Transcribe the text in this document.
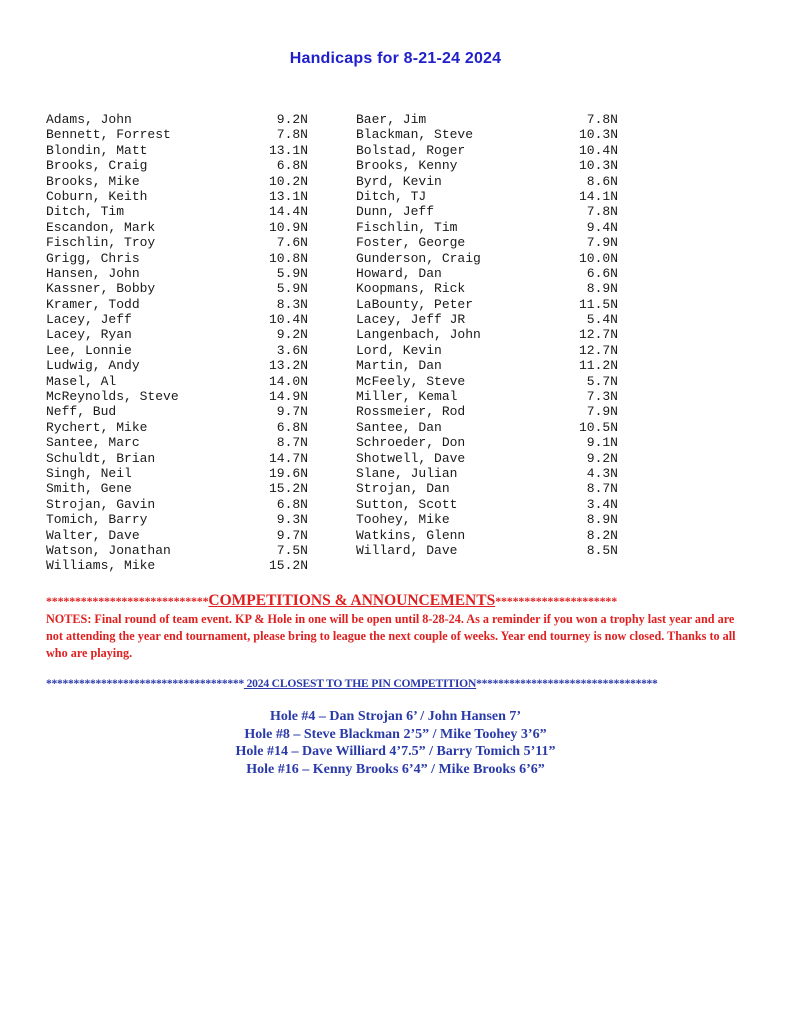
Handicaps for 8-21-24 2024
Adams, John	9.2N
Bennett, Forrest	7.8N
Blondin, Matt	13.1N
Brooks, Craig	6.8N
Brooks, Mike	10.2N
Coburn, Keith	13.1N
Ditch, Tim	14.4N
Escandon, Mark	10.9N
Fischlin, Troy	7.6N
Grigg, Chris	10.8N
Hansen, John	5.9N
Kassner, Bobby	5.9N
Kramer, Todd	8.3N
Lacey, Jeff	10.4N
Lacey, Ryan	9.2N
Lee, Lonnie	3.6N
Ludwig, Andy	13.2N
Masel, Al	14.0N
McReynolds, Steve	14.9N
Neff, Bud	9.7N
Rychert, Mike	6.8N
Santee, Marc	8.7N
Schuldt, Brian	14.7N
Singh, Neil	19.6N
Smith, Gene	15.2N
Strojan, Gavin	6.8N
Tomich, Barry	9.3N
Walter, Dave	9.7N
Watson, Jonathan	7.5N
Williams, Mike	15.2N
Baer, Jim	7.8N
Blackman, Steve	10.3N
Bolstad, Roger	10.4N
Brooks, Kenny	10.3N
Byrd, Kevin	8.6N
Ditch, TJ	14.1N
Dunn, Jeff	7.8N
Fischlin, Tim	9.4N
Foster, George	7.9N
Gunderson, Craig	10.0N
Howard, Dan	6.6N
Koopmans, Rick	8.9N
LaBounty, Peter	11.5N
Lacey, Jeff JR	5.4N
Langenbach, John	12.7N
Lord, Kevin	12.7N
Martin, Dan	11.2N
McFeely, Steve	5.7N
Miller, Kemal	7.3N
Rossmeier, Rod	7.9N
Santee, Dan	10.5N
Schroeder, Don	9.1N
Shotwell, Dave	9.2N
Slane, Julian	4.3N
Strojan, Dan	8.7N
Sutton, Scott	3.4N
Toohey, Mike	8.9N
Watkins, Glenn	8.2N
Willard, Dave	8.5N
****************************COMPETITIONS & ANNOUNCEMENTS*********************
NOTES: Final round of team event. KP & Hole in one will be open until 8-28-24. As a reminder if you won a trophy last year and are not attending the year end tournament, please bring to league the next couple of weeks. Year end tourney is now closed. Thanks to all who are playing.
************************************ 2024 CLOSEST TO THE PIN COMPETITION*********************************
Hole #4 – Dan Strojan 6’ / John Hansen 7’
Hole #8 – Steve Blackman 2’5” / Mike Toohey 3’6”
Hole #14 – Dave Williard 4’7.5” / Barry Tomich 5’11”
Hole #16 – Kenny Brooks 6’4” / Mike Brooks 6’6”
